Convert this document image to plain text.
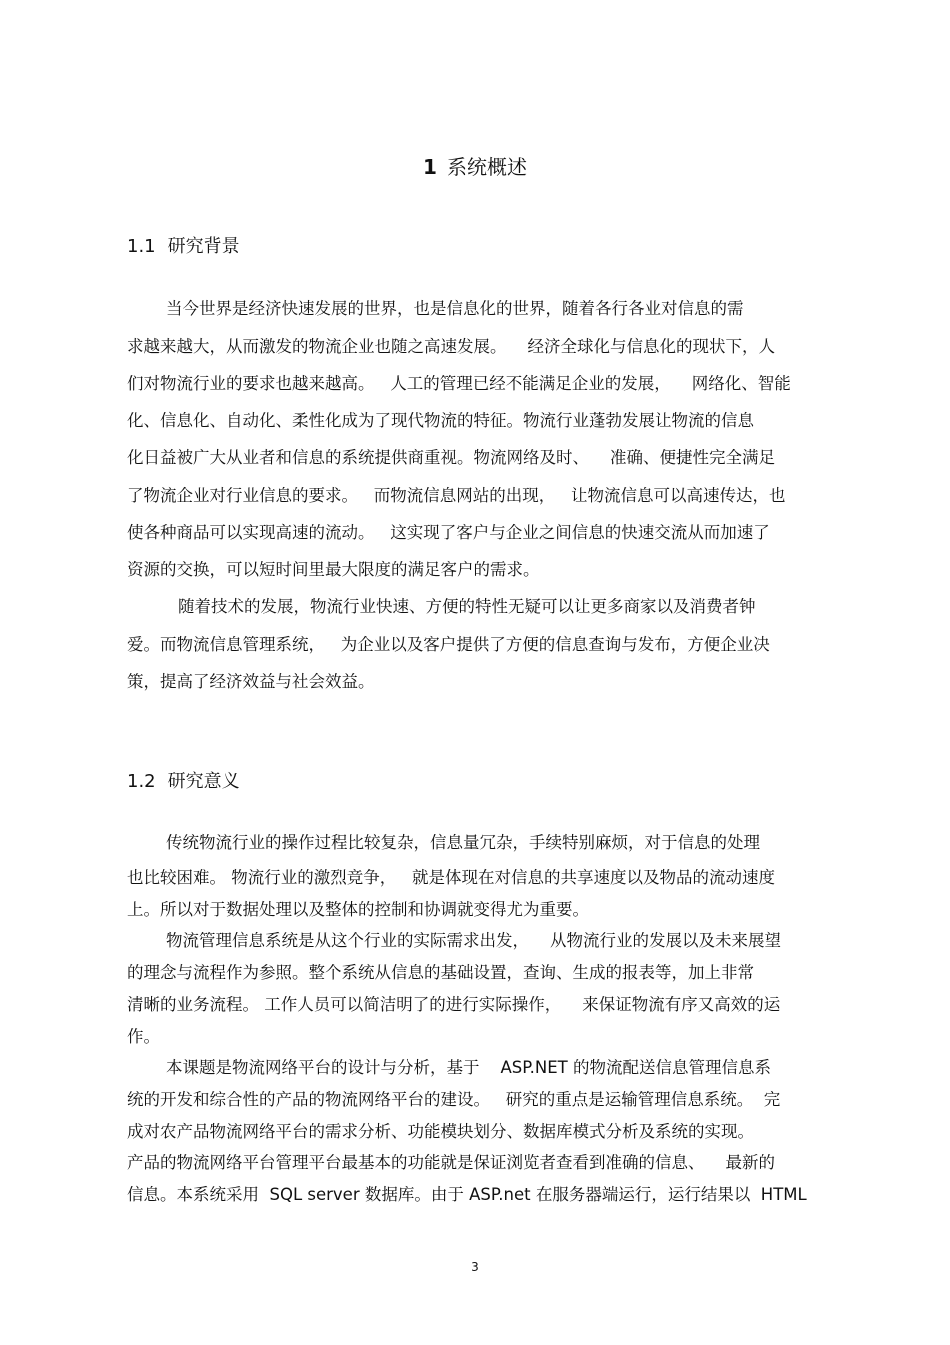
1 系统概述
1.1 研究背景

当今世界是经济快速发展的世界，也是信息化的世界，随着各行各业对信息的需

求越来越大，从而激发的物流企业也随之高速发展。    经济全球化与信息化的现状下，人

们对物流行业的要求也越来越高。   人工的管理已经不能满足企业的发展，    网络化、智能

化、信息化、自动化、柔性化成为了现代物流的特征。物流行业蓬勃发展让物流的信息

化日益被广大从业者和信息的系统提供商重视。物流网络及时、    准确、便捷性完全满足

了物流企业对行业信息的要求。   而物流信息网站的出现，   让物流信息可以高速传达，也

使各种商品可以实现高速的流动。   这实现了客户与企业之间信息的快速交流从而加速了

资源的交换，可以短时间里最大限度的满足客户的需求。

随着技术的发展，物流行业快速、方便的特性无疑可以让更多商家以及消费者钟

爱。而物流信息管理系统，   为企业以及客户提供了方便的信息查询与发布，方便企业决

策，提高了经济效益与社会效益。

1.2 研究意义

传统物流行业的操作过程比较复杂，信息量冗杂，手续特别麻烦，对于信息的处理

也比较困难。 物流行业的激烈竞争，   就是体现在对信息的共享速度以及物品的流动速度

上。所以对于数据处理以及整体的控制和协调就变得尤为重要。

物流管理信息系统是从这个行业的实际需求出发，    从物流行业的发展以及未来展望

的理念与流程作为参照。整个系统从信息的基础设置，查询、生成的报表等，加上非常

清晰的业务流程。 工作人员可以简洁明了的进行实际操作，    来保证物流有序又高效的运

作。

本课题是物流网络平台的设计与分析，基于    ASP.NET 的物流配送信息管理信息系

统的开发和综合性的产品的物流网络平台的建设。   研究的重点是运输管理信息系统。  完

成对农产品物流网络平台的需求分析、功能模块划分、数据库模式分析及系统的实现。

产品的物流网络平台管理平台最基本的功能就是保证浏览者查看到准确的信息、    最新的

信息。本系统采用  SQL server 数据库。由于 ASP.net 在服务器端运行，运行结果以  HTML

3
